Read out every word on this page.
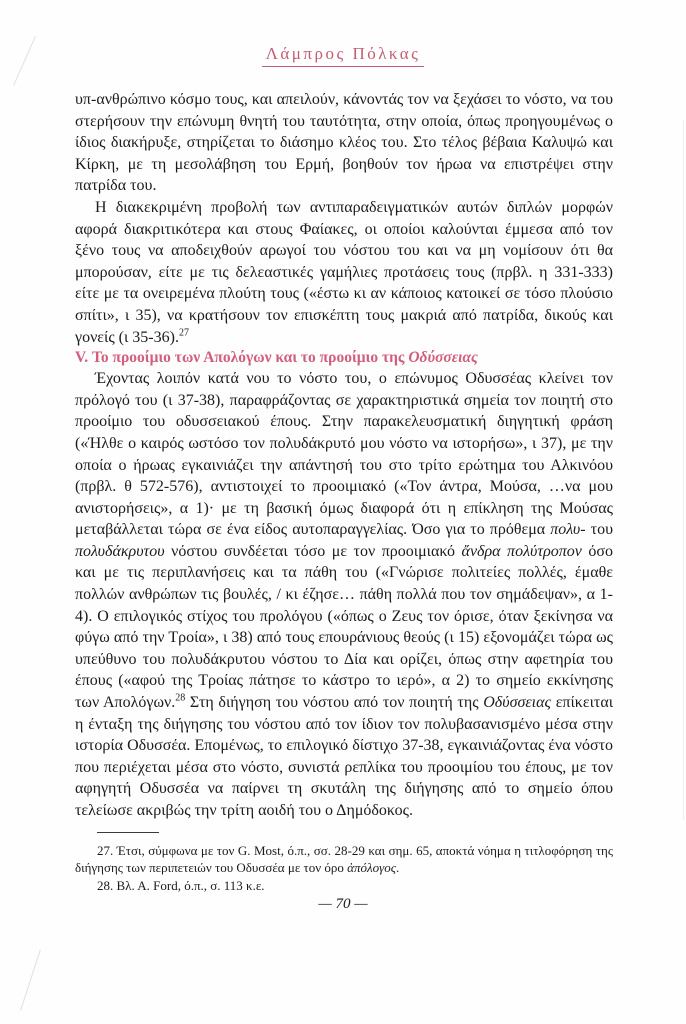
Λάμπρος Πόλκας

υπ-ανθρώπινο κόσμο τους, και απειλούν, κάνοντάς τον να ξεχάσει το νόστο, να του στερήσουν την επώνυμη θνητή του ταυτότητα, στην οποία, όπως προηγουμένως ο ίδιος διακήρυξε, στηρίζεται το διάσημο κλέος του. Στο τέλος βέβαια Καλυψώ και Κίρκη, με τη μεσολάβηση του Ερμή, βοηθούν τον ήρωα να επιστρέψει στην πατρίδα του.

Η διακεκριμένη προβολή των αντιπαραδειγματικών αυτών διπλών μορφών αφορά διακριτικότερα και στους Φαίακες, οι οποίοι καλούνται έμμεσα από τον ξένο τους να αποδειχθούν αρωγοί του νόστου του και να μη νομίσουν ότι θα μπορούσαν, είτε με τις δελεαστικές γαμήλιες προτάσεις τους (πρβλ. η 331-333) είτε με τα ονειρεμένα πλούτη τους («έστω κι αν κάποιος κατοικεί σε τόσο πλούσιο σπίτι», ι 35), να κρατήσουν τον επισκέπτη τους μακριά από πατρίδα, δικούς και γονείς (ι 35-36).$^{27}$

V. Το προοίμιο των Απολόγων και το προοίμιο της Οδύσσειας

Έχοντας λοιπόν κατά νου το νόστο του, ο επώνυμος Οδυσσέας κλείνει τον πρόλογό του (ι 37-38), παραφράζοντας σε χαρακτηριστικά σημεία τον ποιητή στο προοίμιο του οδυσσειακού έπους. Στην παρακελευσματική διηγητική φράση («Ήλθε ο καιρός ωστόσο τον πολυδάκρυτό μου νόστο να ιστορήσω», ι 37), με την οποία ο ήρωας εγκαινιάζει την απάντησή του στο τρίτο ερώτημα του Αλκινόου (πρβλ. θ 572-576), αντιστοιχεί το προοιμιακό («Τον άντρα, Μούσα, …να μου ανιστορήσεις», α 1)· με τη βασική όμως διαφορά ότι η επίκληση της Μούσας μεταβάλλεται τώρα σε ένα είδος αυτοπαραγγελίας. Όσο για το πρόθεμα πολυ- του πολυδάκρυτου νόστου συνδέεται τόσο με τον προοιμιακό ἄνδρα πολύτροπον όσο και με τις περιπλανήσεις και τα πάθη του («Γνώρισε πολιτείες πολλές, έμαθε πολλών ανθρώπων τις βουλές, / κι έζησε… πάθη πολλά που τον σημάδεψαν», α 1-4). Ο επιλογικός στίχος του προλόγου («όπως ο Ζευς τον όρισε, όταν ξεκίνησα να φύγω από την Τροία», ι 38) από τους επουράνιους θεούς (ι 15) εξονομάζει τώρα ως υπεύθυνο του πολυδάκρυτου νόστου το Δία και ορίζει, όπως στην αφετηρία του έπους («αφού της Τροίας πάτησε το κάστρο το ιερό», α 2) το σημείο εκκίνησης των Απολόγων.$^{28}$ Στη διήγηση του νόστου από τον ποιητή της Οδύσσειας επίκειται η ένταξη της διήγησης του νόστου από τον ίδιον τον πολυβασανισμένο μέσα στην ιστορία Οδυσσέα. Επομένως, το επιλογικό δίστιχο 37-38, εγκαινιάζοντας ένα νόστο που περιέχεται μέσα στο νόστο, συνιστά ρεπλίκα του προοιμίου του έπους, με τον αφηγητή Οδυσσέα να παίρνει τη σκυτάλη της διήγησης από το σημείο όπου τελείωσε ακριβώς την τρίτη αοιδή του ο Δημόδοκος.

27. Έτσι, σύμφωνα με τον G. Most, ό.π., σσ. 28-29 και σημ. 65, αποκτά νόημα η τιτλοφόρηση της διήγησης των περιπετειών του Οδυσσέα με τον όρο ἀπόλογος.

28. Βλ. Α. Ford, ό.π., σ. 113 κ.ε.

— 70 —
